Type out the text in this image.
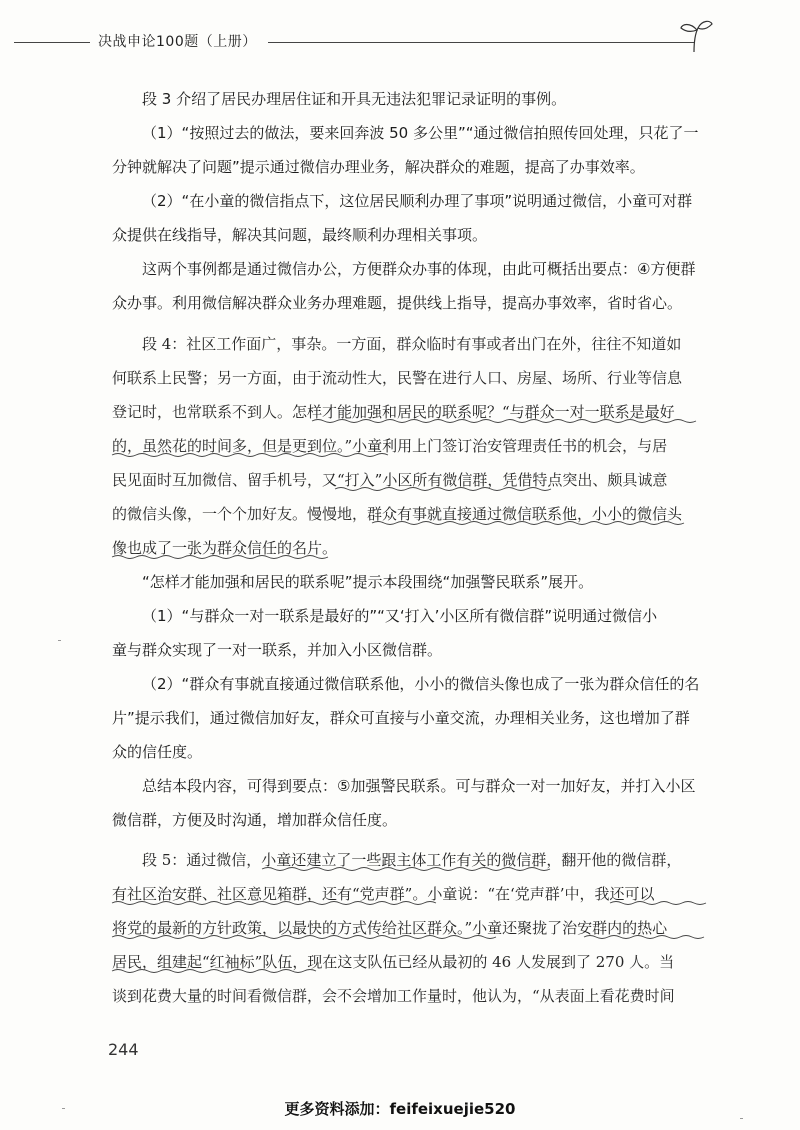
决战申论100题（上册）
段 3 介绍了居民办理居住证和开具无违法犯罪记录证明的事例。
（1）“按照过去的做法，要来回奔波 50 多公里”“通过微信拍照传回处理，只花了一
分钟就解决了问题”提示通过微信办理业务，解决群众的难题，提高了办事效率。
（2）“在小童的微信指点下，这位居民顺利办理了事项”说明通过微信，小童可对群
众提供在线指导，解决其问题，最终顺利办理相关事项。
这两个事例都是通过微信办公，方便群众办事的体现，由此可概括出要点：④方便群
众办事。利用微信解决群众业务办理难题，提供线上指导，提高办事效率，省时省心。
段 4：社区工作面广，事杂。一方面，群众临时有事或者出门在外，往往不知道如
何联系上民警；另一方面，由于流动性大，民警在进行人口、房屋、场所、行业等信息
登记时，也常联系不到人。怎样才能加强和居民的联系呢？“与群众一对一联系是最好
的，虽然花的时间多，但是更到位。”小童利用上门签订治安管理责任书的机会，与居
民见面时互加微信、留手机号，又“打入”小区所有微信群，凭借特点突出、颇具诚意
的微信头像，一个个加好友。慢慢地，群众有事就直接通过微信联系他，小小的微信头
像也成了一张为群众信任的名片。
“怎样才能加强和居民的联系呢”提示本段围绕“加强警民联系”展开。
（1）“与群众一对一联系是最好的”“又‘打入’小区所有微信群”说明通过微信小
童与群众实现了一对一联系，并加入小区微信群。
（2）“群众有事就直接通过微信联系他，小小的微信头像也成了一张为群众信任的名
片”提示我们，通过微信加好友，群众可直接与小童交流，办理相关业务，这也增加了群
众的信任度。
总结本段内容，可得到要点：⑤加强警民联系。可与群众一对一加好友，并打入小区
微信群，方便及时沟通，增加群众信任度。
段 5：通过微信，小童还建立了一些跟主体工作有关的微信群，翻开他的微信群，
有社区治安群、社区意见箱群，还有“党声群”。小童说：“在‘党声群’中，我还可以
将党的最新的方针政策，以最快的方式传给社区群众。”小童还聚拢了治安群内的热心
居民，组建起“红袖标”队伍，现在这支队伍已经从最初的 46 人发展到了 270 人。当
谈到花费大量的时间看微信群，会不会增加工作量时，他认为，“从表面上看花费时间
244
更多资料添加：feifeixuejie520
